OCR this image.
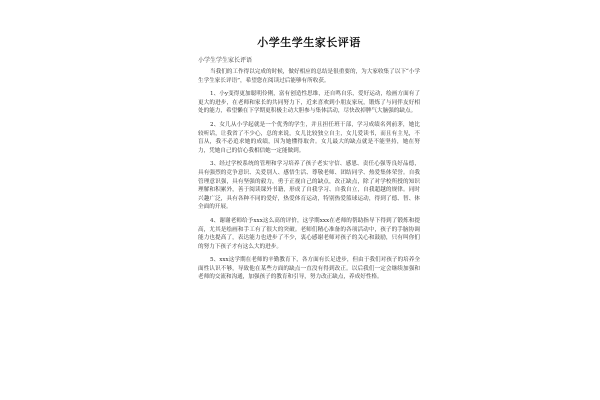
小学生学生家长评语
小学生学生家长评语

当我们的工作得以完成的时候，做好相应的总结是很重要的，为大家收集了以下“小学生学生家长评语”，希望您在阅读过后能够有所收获。

1、小y变得更加聪明伶俐，富有创造性思维，还自鸣自乐，爱好运动，绘画方面有了更大的进步，在老师和家长的共同努力下，近来喜欢到小朋友家玩，锻炼了与同伴友好相处的能力，希望懒在下学期更积极主动大胆参与集体活动，尽快改掉脾气大脑强的缺点。

2、女儿从小学起就是一个优秀的学生，并且担任班干部，学习成绩名列前茅，她比较听话，让我省了不少心，总的来说，女儿比较独立自主，女儿爱读书，而且有主见，不盲从，我不必追求她的成绩，因为她懂得取舍。女儿最大的缺点就是不能坚持，她在努力，凭她自己的信心我相信她一定能做到。

3、经过学校系统的管理和学习培养了孩子老实守信、感恩、责任心强等良好品德，具有强烈的竞争意识、关爱别人、感悟生活、尊敬老师、团结同学、热爱集体荣誉。自我管理意识强，具有坚强的毅力，勇于正视自己的缺点，改正缺点，除了对学校所授的知识理解和积累外，善于阅读课外书籍，形成了自我学习、自我自立，自我超越的规律。同时兴趣广泛，具有各种不同的爱好，热爱体育运动，特别热爱篮球运动，得到了德、智、体全面的开展。

4、谢谢老师给予xxx这么高的评价，这学期xxx在老师的帮助指导下得到了锻炼和提高，尤其是绘画和手工有了很大的突破。老师们精心准备的各项活动中，孩子的手脑协调能力也提高了，表达能力也进步了不少，衷心感谢老师对孩子的关心和鼓励，只有叫你们的努力下孩子才有这么大的进步。

5、xxx这学期在老师的辛勤教育下，各方面有长足进步，但由于我们对孩子的培养全面性认识不够，导致他在某些方面的缺点一直没有得到改正。以后我们一定会继续加强和老师的交流和沟通，加强孩子的教育和引导，努力改正缺点，养成好性格。
